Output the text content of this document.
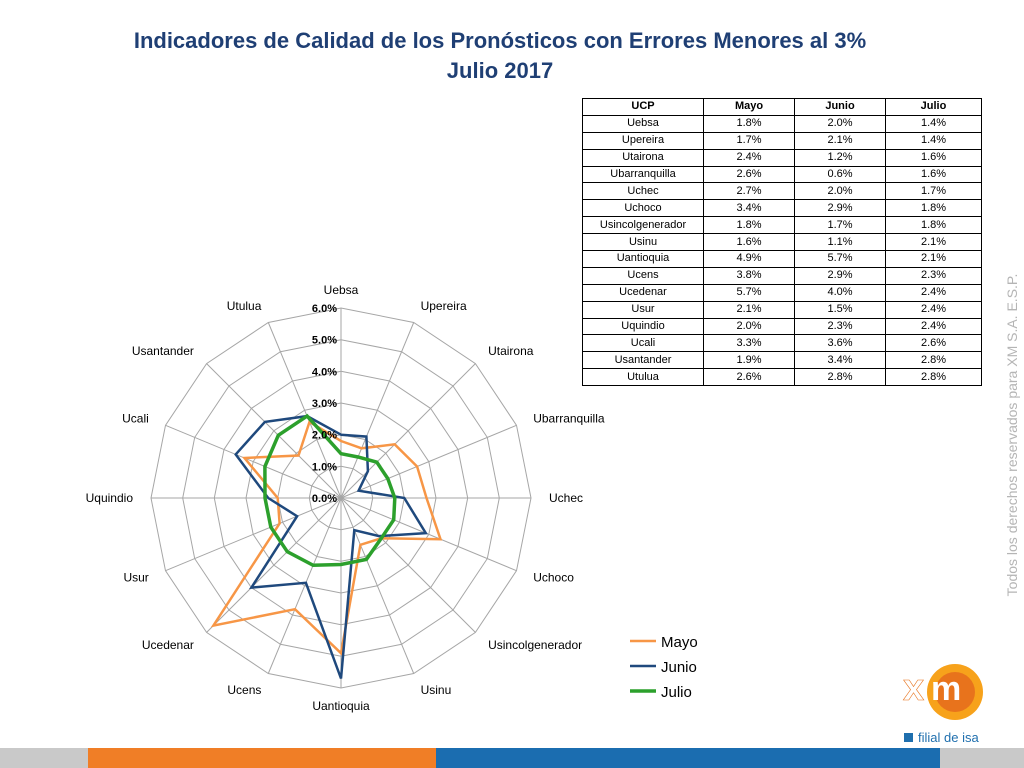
Indicadores de Calidad de los Pronósticos con Errores Menores al 3%
Julio 2017
UCP	Mayo	Junio	Julio
Uebsa	1.8%	2.0%	1.4%
Upereira	1.7%	2.1%	1.4%
Utairona	2.4%	1.2%	1.6%
Ubarranquilla	2.6%	0.6%	1.6%
Uchec	2.7%	2.0%	1.7%
Uchoco	3.4%	2.9%	1.8%
Usincolgenerador	1.8%	1.7%	1.8%
Usinu	1.6%	1.1%	2.1%
Uantioquia	4.9%	5.7%	2.1%
Ucens	3.8%	2.9%	2.3%
Ucedenar	5.7%	4.0%	2.4%
Usur	2.1%	1.5%	2.4%
Uquindio	2.0%	2.3%	2.4%
Ucali	3.3%	3.6%	2.6%
Usantander	1.9%	3.4%	2.8%
Utulua	2.6%	2.8%	2.8%
0.0%
1.0%
2.0%
3.0%
4.0%
5.0%
6.0%
Uebsa
Upereira
Utairona
Ubarranquilla
Uchec
Uchoco
Usincolgenerador
Usinu
Uantioquia
Ucens
Ucedenar
Usur
Uquindio
Ucali
Usantander
Utulua
Mayo
Junio
Julio
Todos los derechos reservados para XM S.A. E.S.P.
x m
filial de isa
